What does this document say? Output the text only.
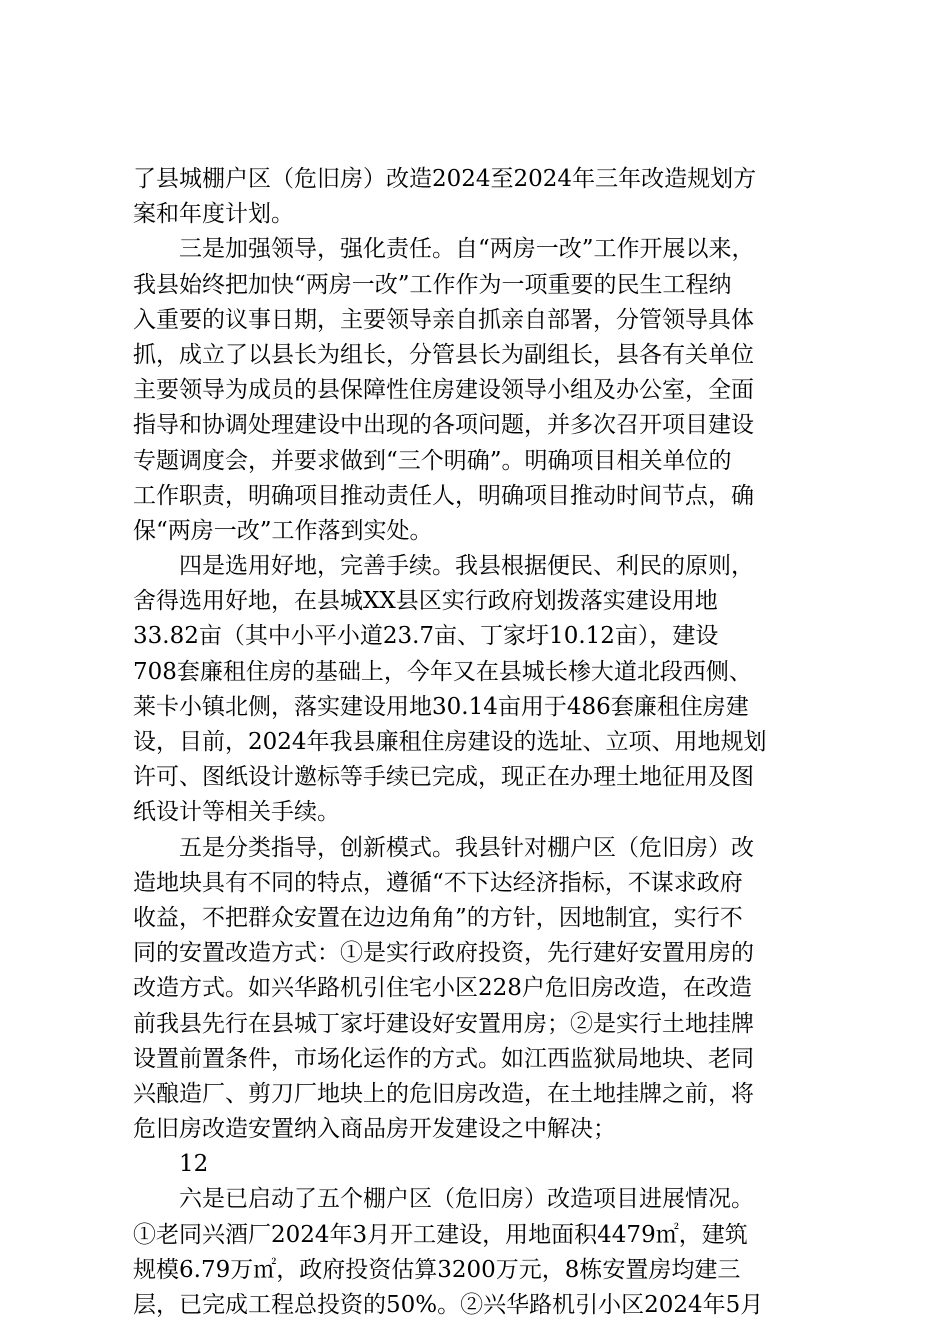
了县城棚户区（危旧房）改造2024至2024年三年改造规划方
案和年度计划。
三是加强领导，强化责任。自“两房一改”工作开展以来，
我县始终把加快“两房一改”工作作为一项重要的民生工程纳
入重要的议事日期，主要领导亲自抓亲自部署，分管领导具体
抓，成立了以县长为组长，分管县长为副组长，县各有关单位
主要领导为成员的县保障性住房建设领导小组及办公室，全面
指导和协调处理建设中出现的各项问题，并多次召开项目建设
专题调度会，并要求做到“三个明确”。明确项目相关单位的
工作职责，明确项目推动责任人，明确项目推动时间节点，确
保“两房一改”工作落到实处。
四是选用好地，完善手续。我县根据便民、利民的原则，
舍得选用好地，在县城XX县区实行政府划拨落实建设用地
33.82亩（其中小平小道23.7亩、丁家圩10.12亩），建设
708套廉租住房的基础上，今年又在县城长椮大道北段西侧、
莱卡小镇北侧，落实建设用地30.14亩用于486套廉租住房建
设，目前，2024年我县廉租住房建设的选址、立项、用地规划
许可、图纸设计邀标等手续已完成，现正在办理土地征用及图
纸设计等相关手续。
五是分类指导，创新模式。我县针对棚户区（危旧房）改
造地块具有不同的特点，遵循“不下达经济指标，不谋求政府
收益，不把群众安置在边边角角”的方针，因地制宜，实行不
同的安置改造方式：①是实行政府投资，先行建好安置用房的
改造方式。如兴华路机引住宅小区228户危旧房改造，在改造
前我县先行在县城丁家圩建设好安置用房；②是实行土地挂牌
设置前置条件，市场化运作的方式。如江西监狱局地块、老同
兴酿造厂、剪刀厂地块上的危旧房改造，在土地挂牌之前，将
危旧房改造安置纳入商品房开发建设之中解决；
12
六是已启动了五个棚户区（危旧房）改造项目进展情况。
①老同兴酒厂2024年3月开工建设，用地面积4479㎡，建筑
规模6.79万㎡，政府投资估算3200万元，8栋安置房均建三
层，已完成工程总投资的50%。②兴华路机引小区2024年5月
